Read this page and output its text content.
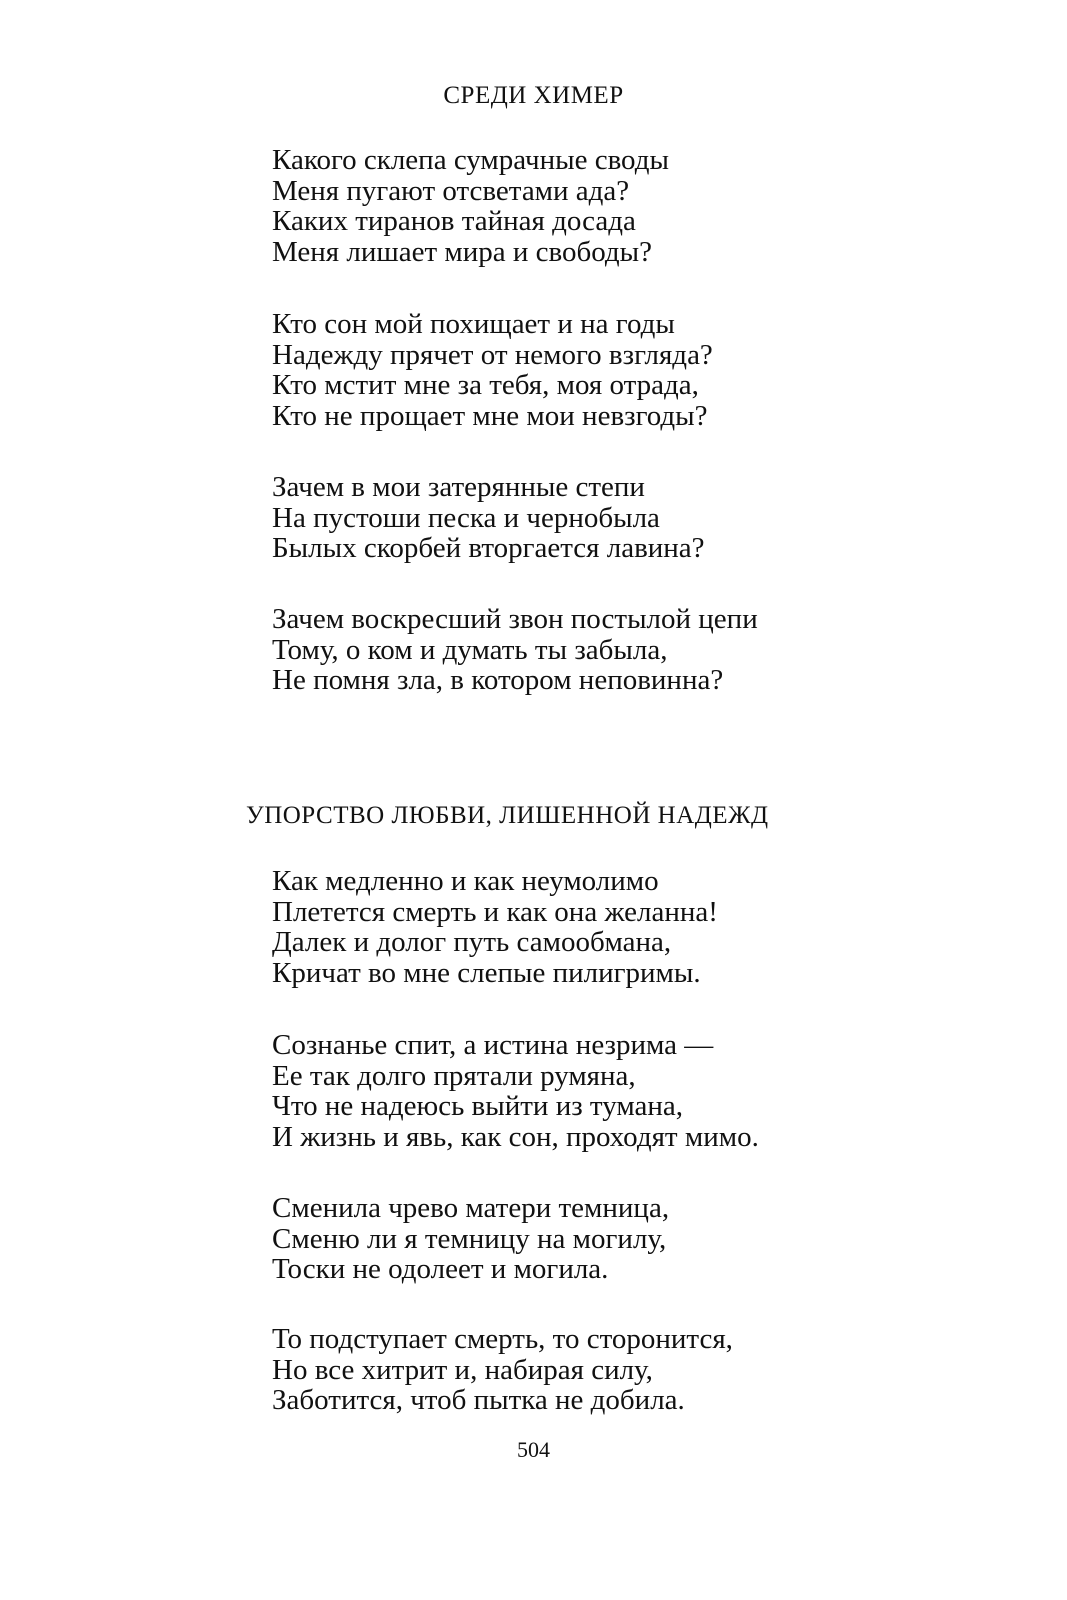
СРЕДИ ХИМЕР
Какого склепа сумрачные своды
Меня пугают отсветами ада?
Каких тиранов тайная досада
Меня лишает мира и свободы?
Кто сон мой похищает и на годы
Надежду прячет от немого взгляда?
Кто мстит мне за тебя, моя отрада,
Кто не прощает мне мои невзгоды?
Зачем в мои затерянные степи
На пустоши песка и чернобыла
Былых скорбей вторгается лавина?
Зачем воскресший звон постылой цепи
Тому, о ком и думать ты забыла,
Не помня зла, в котором неповинна?
УПОРСТВО ЛЮБВИ, ЛИШЕННОЙ НАДЕЖД
Как медленно и как неумолимо
Плетется смерть и как она желанна!
Далек и долог путь самообмана,
Кричат во мне слепые пилигримы.
Сознанье спит, а истина незрима —
Ее так долго прятали румяна,
Что не надеюсь выйти из тумана,
И жизнь и явь, как сон, проходят мимо.
Сменила чрево матери темница,
Сменю ли я темницу на могилу,
Тоски не одолеет и могила.
То подступает смерть, то сторонится,
Но все хитрит и, набирая силу,
Заботится, чтоб пытка не добила.
504
